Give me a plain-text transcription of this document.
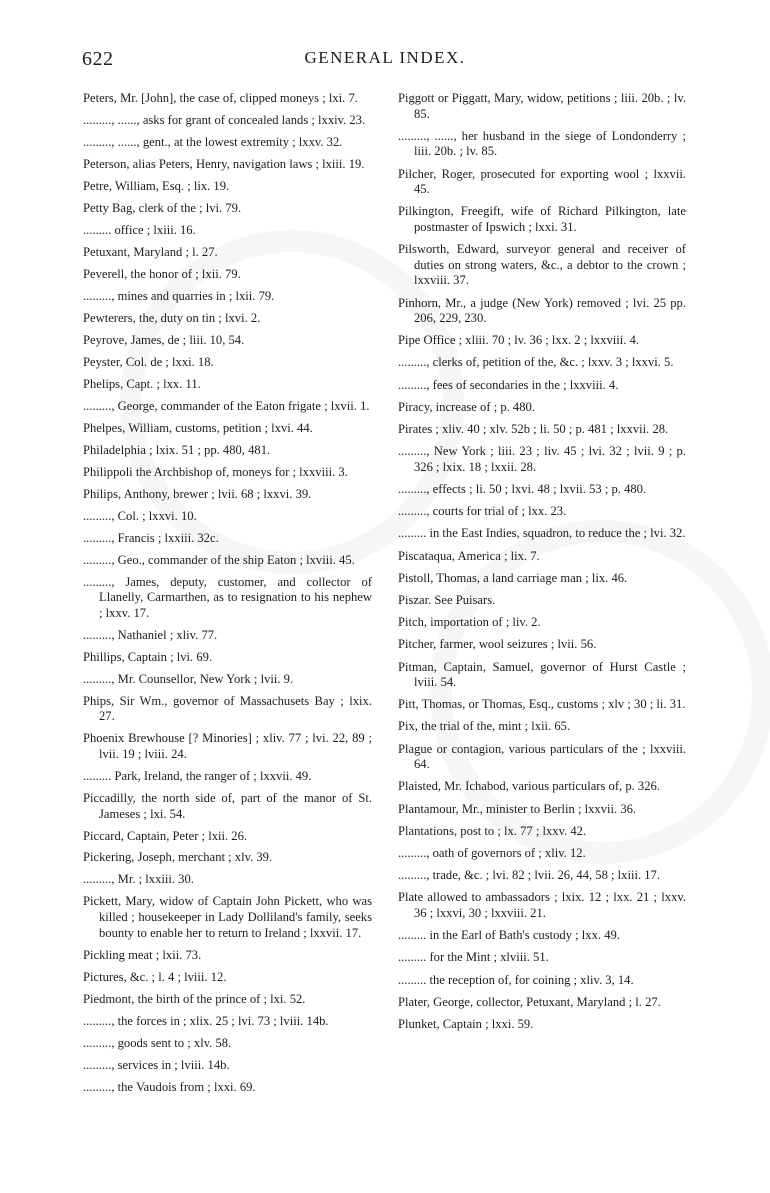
622	GENERAL INDEX.

Peters, Mr. [John], the case of, clipped moneys ; lxi. 7.

........., ......, asks for grant of concealed lands ; lxxiv. 23.

........., ......, gent., at the lowest extremity ; lxxv. 32.

Peterson, alias Peters, Henry, navigation laws ; lxiii. 19.

Petre, William, Esq. ; lix. 19.

Petty Bag, clerk of the ; lvi. 79.

......... office ; lxiii. 16.

Petuxant, Maryland ; l. 27.

Peverell, the honor of ; lxii. 79.

........., mines and quarries in ; lxii. 79.

Pewterers, the, duty on tin ; lxvi. 2.

Peyrove, James, de ; liii. 10, 54.

Peyster, Col. de ; lxxi. 18.

Phelips, Capt. ; lxx. 11.

........., George, commander of the Eaton frigate ; lxvii. 1.

Phelpes, William, customs, petition ; lxvi. 44.

Philadelphia ; lxix. 51 ; pp. 480, 481.

Philippoli the Archbishop of, moneys for ; lxxviii. 3.

Philips, Anthony, brewer ; lvii. 68 ; lxxvi. 39.

........., Col. ; lxxvi. 10.

........., Francis ; lxxiii. 32c.

........., Geo., commander of the ship Eaton ; lxviii. 45.

........., James, deputy, customer, and collector of Llanelly, Carmarthen, as to resignation to his nephew ; lxxv. 17.

........., Nathaniel ; xliv. 77.

Phillips, Captain ; lvi. 69.

........., Mr. Counsellor, New York ; lvii. 9.

Phips, Sir Wm., governor of Massachusets Bay ; lxix. 27.

Phoenix Brewhouse [? Minories] ; xliv. 77 ; lvi. 22, 89 ; lvii. 19 ; lviii. 24.

......... Park, Ireland, the ranger of ; lxxvii. 49.

Piccadilly, the north side of, part of the manor of St. Jameses ; lxi. 54.

Piccard, Captain, Peter ; lxii. 26.

Pickering, Joseph, merchant ; xlv. 39.

........., Mr. ; lxxiii. 30.

Pickett, Mary, widow of Captain John Pickett, who was killed ; housekeeper in Lady Dolliland's family, seeks bounty to enable her to return to Ireland ; lxxvii. 17.

Pickling meat ; lxii. 73.

Pictures, &c. ; l. 4 ; lviii. 12.

Piedmont, the birth of the prince of ; lxi. 52.

........., the forces in ; xlix. 25 ; lvi. 73 ; lviii. 14b.

........., goods sent to ; xlv. 58.

........., services in ; lviii. 14b.

........., the Vaudois from ; lxxi. 69.

Piggott or Piggatt, Mary, widow, petitions ; liii. 20b. ; lv. 85.

........., ......, her husband in the siege of Londonderry ; liii. 20b. ; lv. 85.

Pilcher, Roger, prosecuted for exporting wool ; lxxvii. 45.

Pilkington, Freegift, wife of Richard Pilkington, late postmaster of Ipswich ; lxxi. 31.

Pilsworth, Edward, surveyor general and receiver of duties on strong waters, &c., a debtor to the crown ; lxxviii. 37.

Pinhorn, Mr., a judge (New York) removed ; lvi. 25 pp. 206, 229, 230.

Pipe Office ; xliii. 70 ; lv. 36 ; lxx. 2 ; lxxviii. 4.

........., clerks of, petition of the, &c. ; lxxv. 3 ; lxxvi. 5.

........., fees of secondaries in the ; lxxviii. 4.

Piracy, increase of ; p. 480.

Pirates ; xliv. 40 ; xlv. 52b ; li. 50 ; p. 481 ; lxxvii. 28.

........., New York ; liii. 23 ; liv. 45 ; lvi. 32 ; lvii. 9 ; p. 326 ; lxix. 18 ; lxxii. 28.

........., effects ; li. 50 ; lxvi. 48 ; lxvii. 53 ; p. 480.

........., courts for trial of ; lxx. 23.

......... in the East Indies, squadron, to reduce the ; lvi. 32.

Piscataqua, America ; lix. 7.

Pistoll, Thomas, a land carriage man ; lix. 46.

Piszar. See Puisars.

Pitch, importation of ; liv. 2.

Pitcher, farmer, wool seizures ; lvii. 56.

Pitman, Captain, Samuel, governor of Hurst Castle ; lviii. 54.

Pitt, Thomas, or Thomas, Esq., customs ; xlv ; 30 ; li. 31.

Pix, the trial of the, mint ; lxii. 65.

Plague or contagion, various particulars of the ; lxxviii. 64.

Plaisted, Mr. Ichabod, various particulars of, p. 326.

Plantamour, Mr., minister to Berlin ; lxxvii. 36.

Plantations, post to ; lx. 77 ; lxxv. 42.

........., oath of governors of ; xliv. 12.

........., trade, &c. ; lvi. 82 ; lvii. 26, 44, 58 ; lxiii. 17.

Plate allowed to ambassadors ; lxix. 12 ; lxx. 21 ; lxxv. 36 ; lxxvi, 30 ; lxxviii. 21.

......... in the Earl of Bath's custody ; lxx. 49.

......... for the Mint ; xlviii. 51.

......... the reception of, for coining ; xliv. 3, 14.

Plater, George, collector, Petuxant, Maryland ; l. 27.

Plunket, Captain ; lxxi. 59.
